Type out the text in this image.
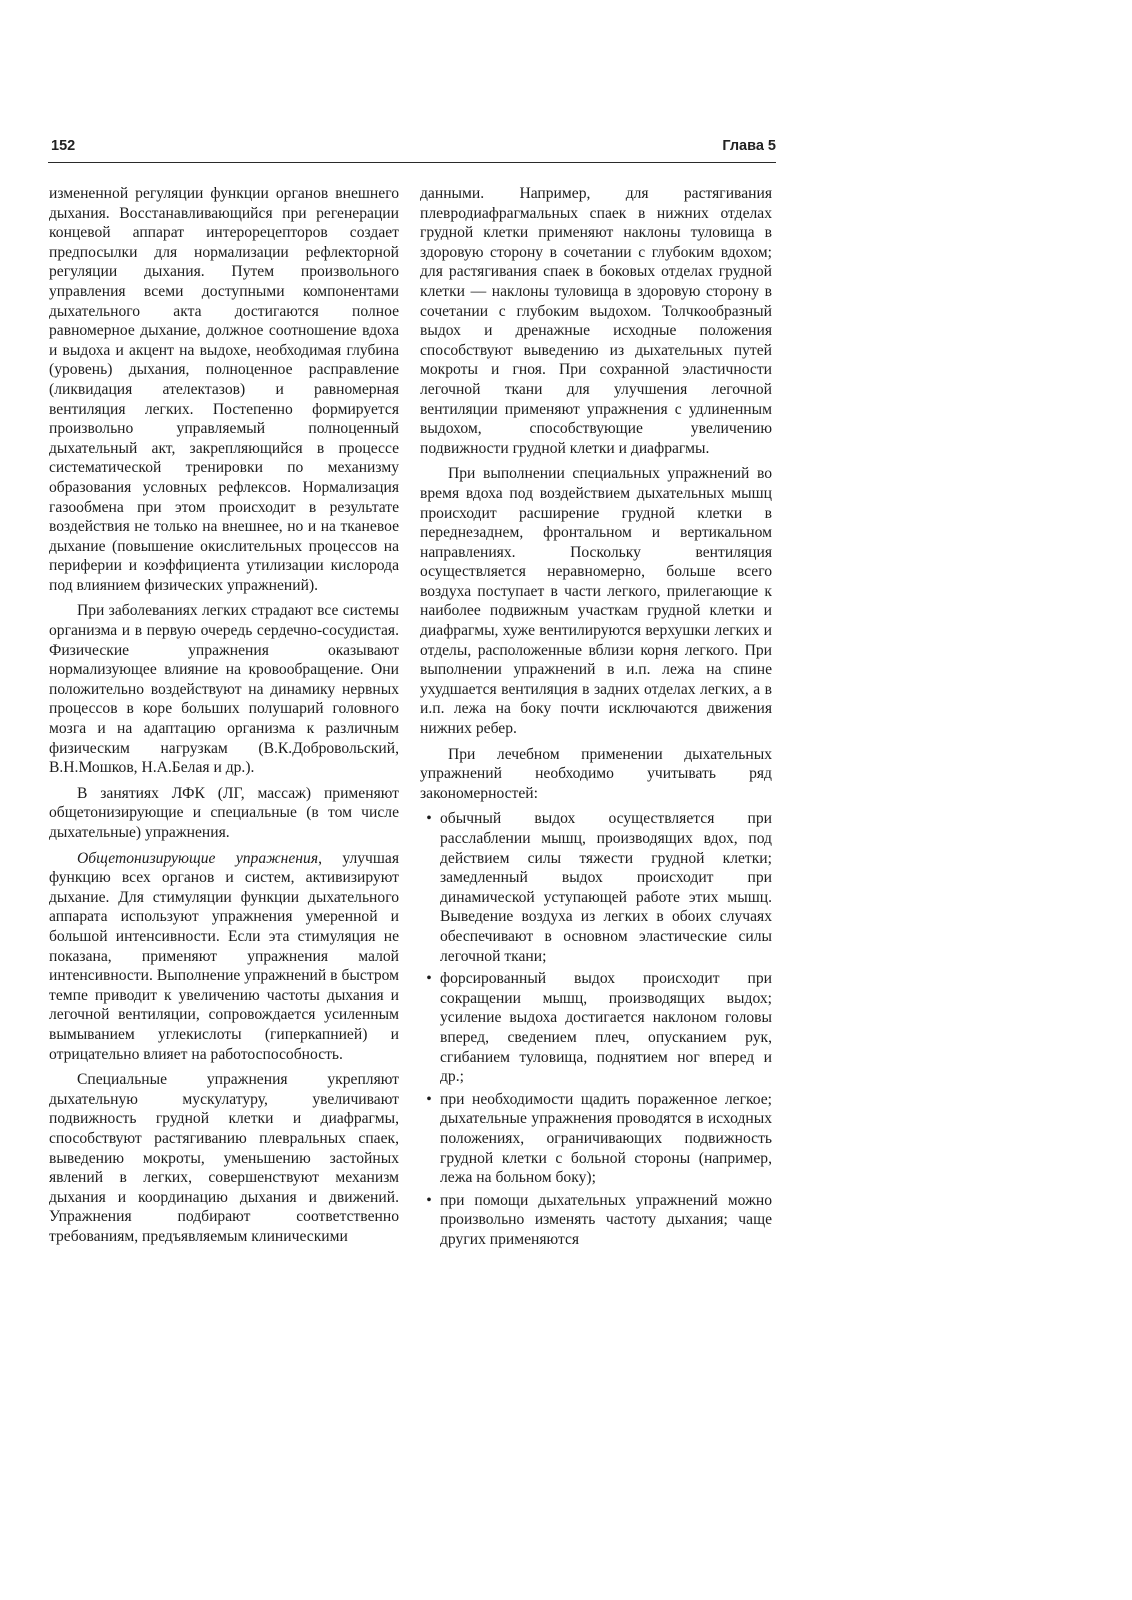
152	Глава 5

измененной регуляции функции органов внешнего дыхания. Восстанавливающийся при регенерации концевой аппарат интерорецепторов создает предпосылки для нормализации рефлекторной регуляции дыхания. Путем произвольного управления всеми доступными компонентами дыхательного акта достигаются полное равномерное дыхание, должное соотношение вдоха и выдоха и акцент на выдохе, необходимая глубина (уровень) дыхания, полноценное расправление (ликвидация ателектазов) и равномерная вентиляция легких. Постепенно формируется произвольно управляемый полноценный дыхательный акт, закрепляющийся в процессе систематической тренировки по механизму образования условных рефлексов. Нормализация газообмена при этом происходит в результате воздействия не только на внешнее, но и на тканевое дыхание (повышение окислительных процессов на периферии и коэффициента утилизации кислорода под влиянием физических упражнений).

При заболеваниях легких страдают все системы организма и в первую очередь сердечно-сосудистая. Физические упражнения оказывают нормализующее влияние на кровообращение. Они положительно воздействуют на динамику нервных процессов в коре больших полушарий головного мозга и на адаптацию организма к различным физическим нагрузкам (В.К.Добровольский, В.Н.Мошков, Н.А.Белая и др.).

В занятиях ЛФК (ЛГ, массаж) применяют общетонизирующие и специальные (в том числе дыхательные) упражнения.

Общетонизирующие упражнения, улучшая функцию всех органов и систем, активизируют дыхание. Для стимуляции функции дыхательного аппарата используют упражнения умеренной и большой интенсивности. Если эта стимуляция не показана, применяют упражнения малой интенсивности. Выполнение упражнений в быстром темпе приводит к увеличению частоты дыхания и легочной вентиляции, сопровождается усиленным вымыванием углекислоты (гиперкапнией) и отрицательно влияет на работоспособность.

Специальные упражнения укрепляют дыхательную мускулатуру, увеличивают подвижность грудной клетки и диафрагмы, способствуют растягиванию плевральных спаек, выведению мокроты, уменьшению застойных явлений в легких, совершенствуют механизм дыхания и координацию дыхания и движений. Упражнения подбирают соответственно требованиям, предъявляемым клиническими

данными. Например, для растягивания плевродиафрагмальных спаек в нижних отделах грудной клетки применяют наклоны туловища в здоровую сторону в сочетании с глубоким вдохом; для растягивания спаек в боковых отделах грудной клетки — наклоны туловища в здоровую сторону в сочетании с глубоким выдохом. Толчкообразный выдох и дренажные исходные положения способствуют выведению из дыхательных путей мокроты и гноя. При сохранной эластичности легочной ткани для улучшения легочной вентиляции применяют упражнения с удлиненным выдохом, способствующие увеличению подвижности грудной клетки и диафрагмы.

При выполнении специальных упражнений во время вдоха под воздействием дыхательных мышц происходит расширение грудной клетки в переднезаднем, фронтальном и вертикальном направлениях. Поскольку вентиляция осуществляется неравномерно, больше всего воздуха поступает в части легкого, прилегающие к наиболее подвижным участкам грудной клетки и диафрагмы, хуже вентилируются верхушки легких и отделы, расположенные вблизи корня легкого. При выполнении упражнений в и.п. лежа на спине ухудшается вентиляция в задних отделах легких, а в и.п. лежа на боку почти исключаются движения нижних ребер.

При лечебном применении дыхательных упражнений необходимо учитывать ряд закономерностей:

• обычный выдох осуществляется при расслаблении мышц, производящих вдох, под действием силы тяжести грудной клетки; замедленный выдох происходит при динамической уступающей работе этих мышц. Выведение воздуха из легких в обоих случаях обеспечивают в основном эластические силы легочной ткани;
• форсированный выдох происходит при сокращении мышц, производящих выдох; усиление выдоха достигается наклоном головы вперед, сведением плеч, опусканием рук, сгибанием туловища, поднятием ног вперед и др.;
• при необходимости щадить пораженное легкое; дыхательные упражнения проводятся в исходных положениях, ограничивающих подвижность грудной клетки с больной стороны (например, лежа на больном боку);
• при помощи дыхательных упражнений можно произвольно изменять частоту дыхания; чаще других применяются
